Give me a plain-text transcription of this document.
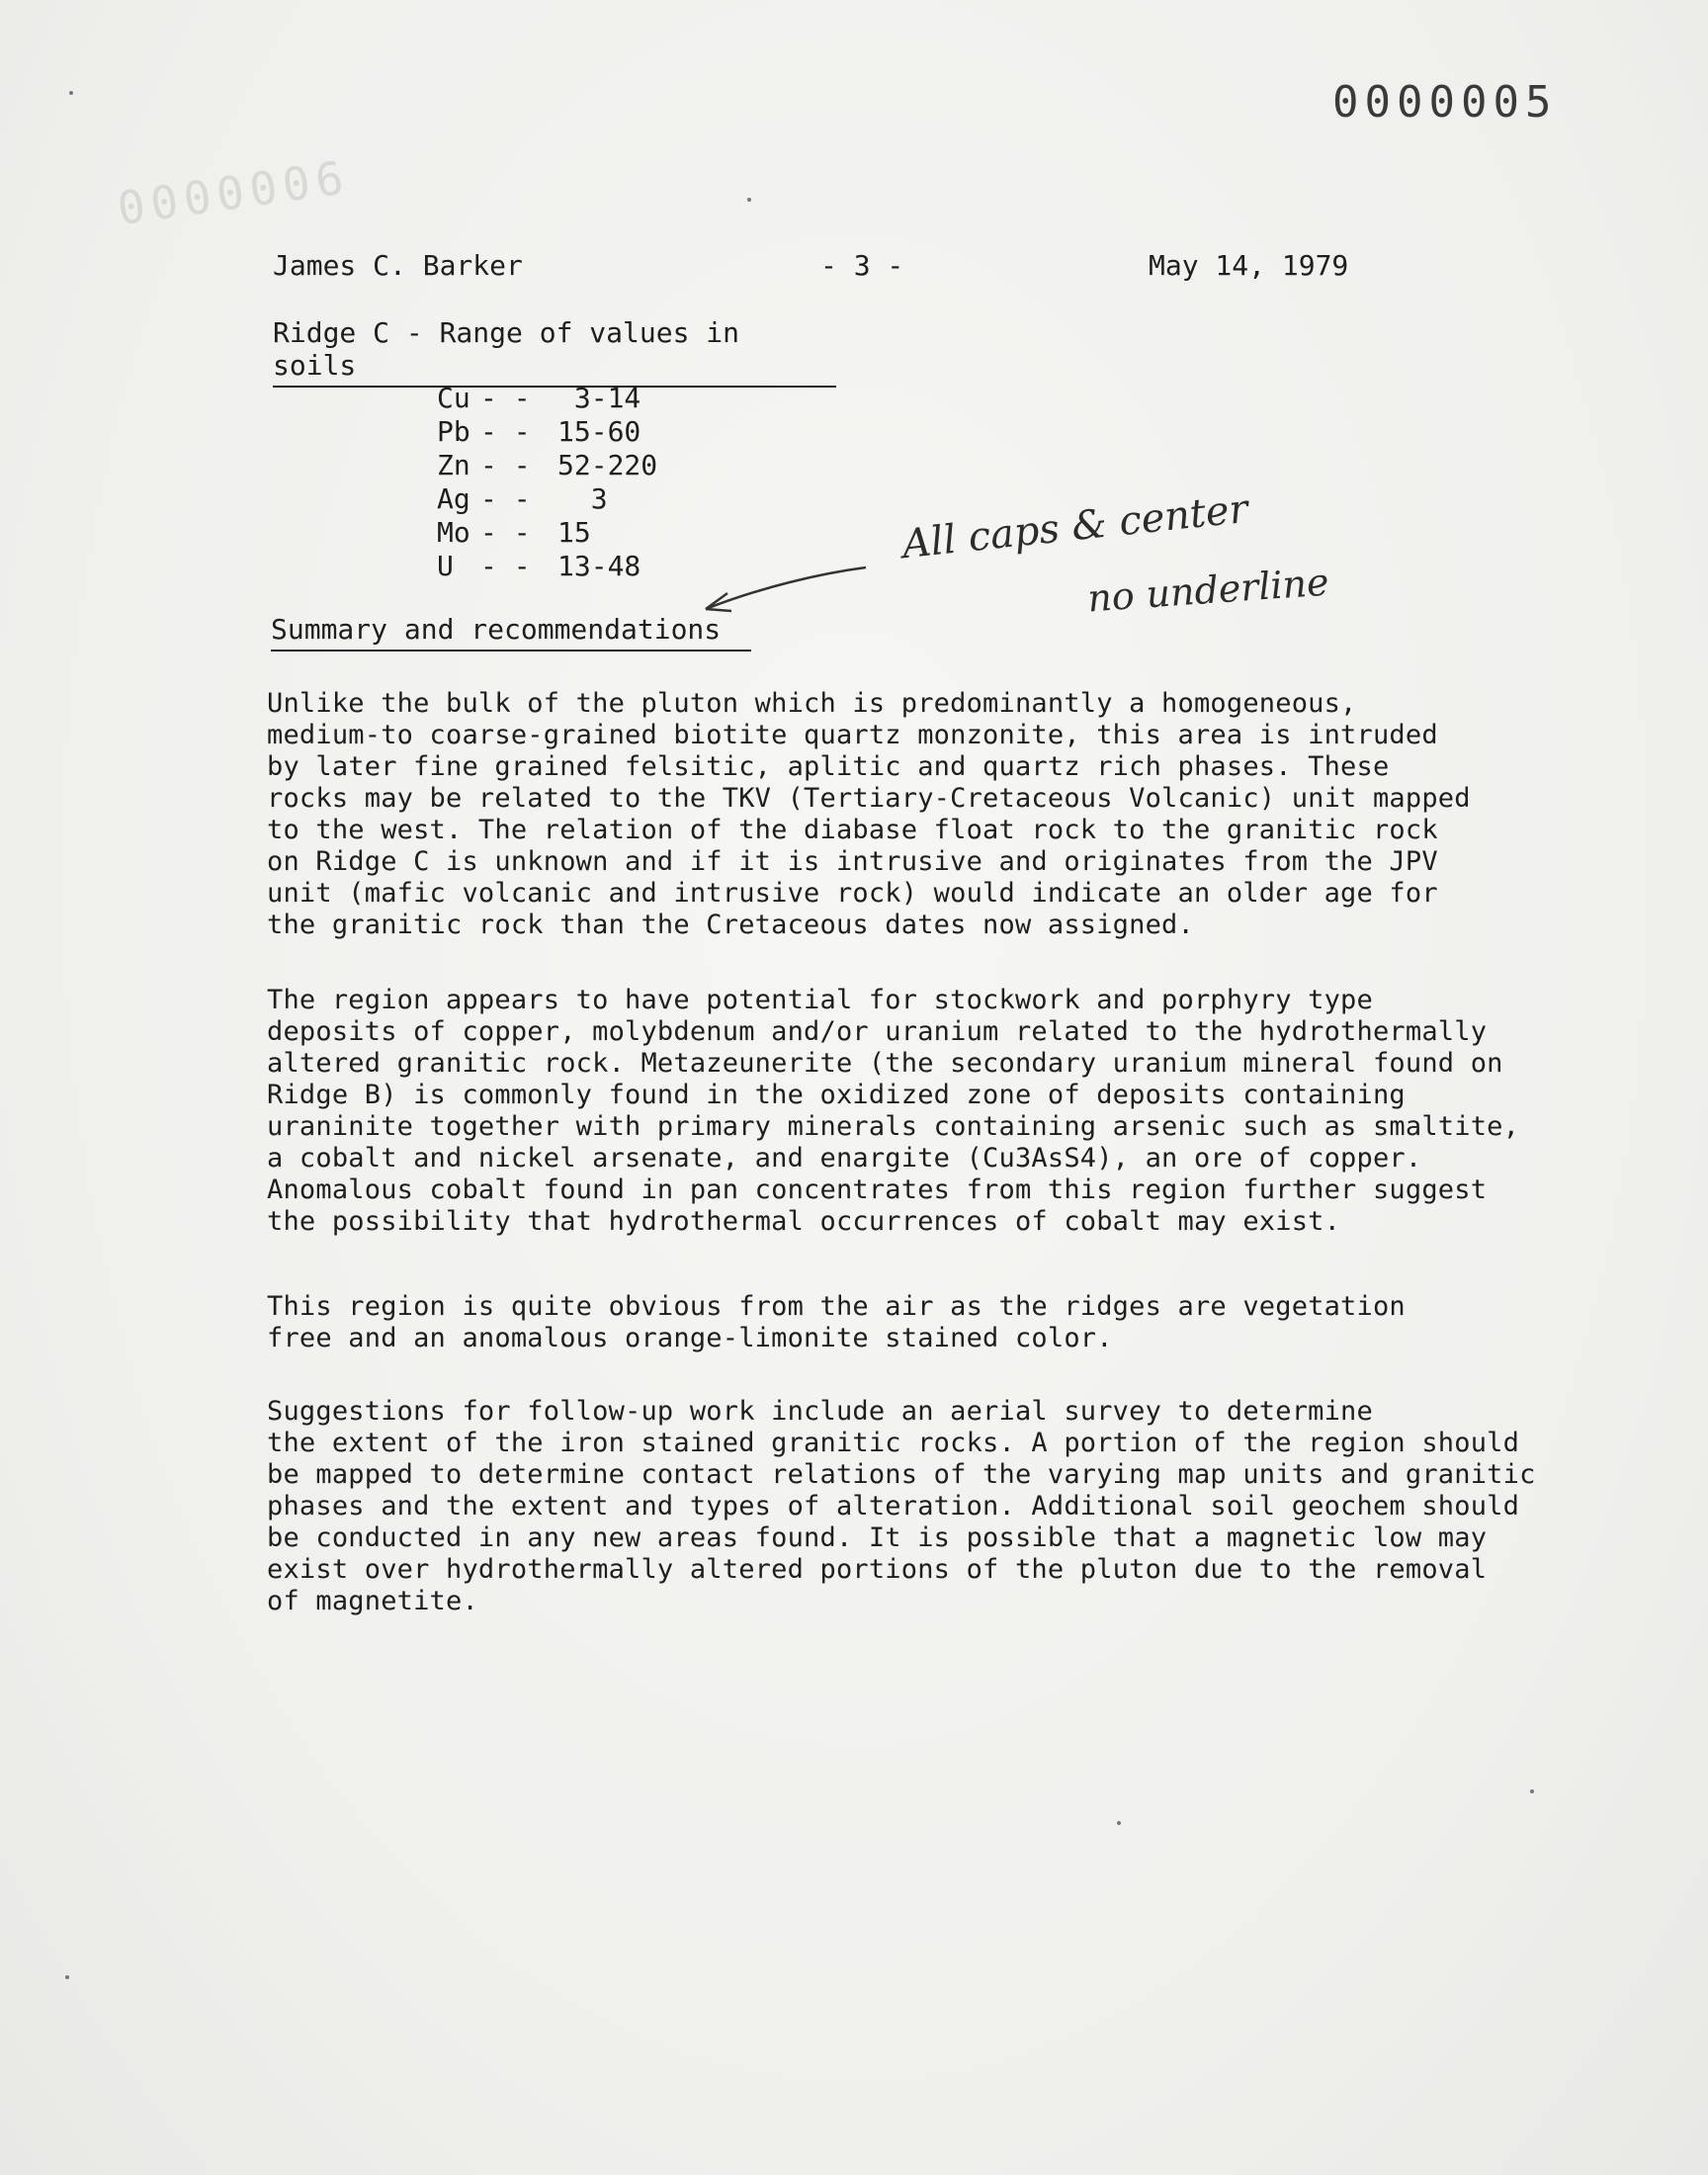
0000006
0000005
James C. Barker	- 3 -	May 14, 1979
Ridge C - Range of values in soils
Cu - - 3-14
Pb - - 15-60
Zn - - 52-220
Ag - - 3
Mo - - 15
U - - 13-48	All caps & center
no underline
Summary and recommendations

Unlike the bulk of the pluton which is predominantly a homogeneous,
medium-to coarse-grained biotite quartz monzonite, this area is intruded
by later fine grained felsitic, aplitic and quartz rich phases. These
rocks may be related to the TKV (Tertiary-Cretaceous Volcanic) unit mapped
to the west. The relation of the diabase float rock to the granitic rock
on Ridge C is unknown and if it is intrusive and originates from the JPV
unit (mafic volcanic and intrusive rock) would indicate an older age for
the granitic rock than the Cretaceous dates now assigned.

The region appears to have potential for stockwork and porphyry type
deposits of copper, molybdenum and/or uranium related to the hydrothermally
altered granitic rock. Metazeunerite (the secondary uranium mineral found on
Ridge B) is commonly found in the oxidized zone of deposits containing
uraninite together with primary minerals containing arsenic such as smaltite,
a cobalt and nickel arsenate, and enargite (Cu3AsS4), an ore of copper.
Anomalous cobalt found in pan concentrates from this region further suggest
the possibility that hydrothermal occurrences of cobalt may exist.

This region is quite obvious from the air as the ridges are vegetation
free and an anomalous orange-limonite stained color.

Suggestions for follow-up work include an aerial survey to determine
the extent of the iron stained granitic rocks. A portion of the region should
be mapped to determine contact relations of the varying map units and granitic
phases and the extent and types of alteration. Additional soil geochem should
be conducted in any new areas found. It is possible that a magnetic low may
exist over hydrothermally altered portions of the pluton due to the removal
of magnetite.
